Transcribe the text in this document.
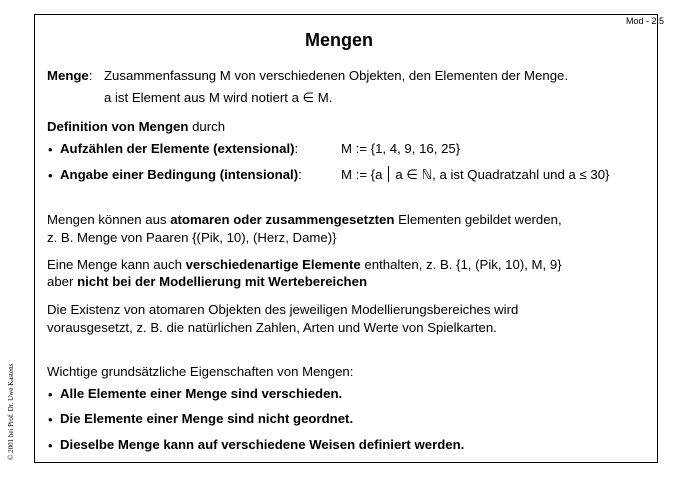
Mod - 2.5
Mengen
© 2001 bei Prof. Dr. Uwe Kastens
Menge: Zusammenfassung M von verschiedenen Objekten, den Elementen der Menge.
a ist Element aus M wird notiert a ∈ M.
Definition von Mengen durch
• Aufzählen der Elemente (extensional):	M := {1, 4, 9, 16, 25}
• Angabe einer Bedingung (intensional):	M := {a a ∈ ℕ, a ist Quadratzahl und a ≤ 30}
Mengen können aus atomaren oder zusammengesetzten Elementen gebildet werden,
z. B. Menge von Paaren {(Pik, 10), (Herz, Dame)}
Eine Menge kann auch verschiedenartige Elemente enthalten, z. B. {1, (Pik, 10), M, 9}
aber nicht bei der Modellierung mit Wertebereichen
Die Existenz von atomaren Objekten des jeweiligen Modellierungsbereiches wird
vorausgesetzt, z. B. die natürlichen Zahlen, Arten und Werte von Spielkarten.
Wichtige grundsätzliche Eigenschaften von Mengen:
• Alle Elemente einer Menge sind verschieden.
• Die Elemente einer Menge sind nicht geordnet.
• Dieselbe Menge kann auf verschiedene Weisen definiert werden.
